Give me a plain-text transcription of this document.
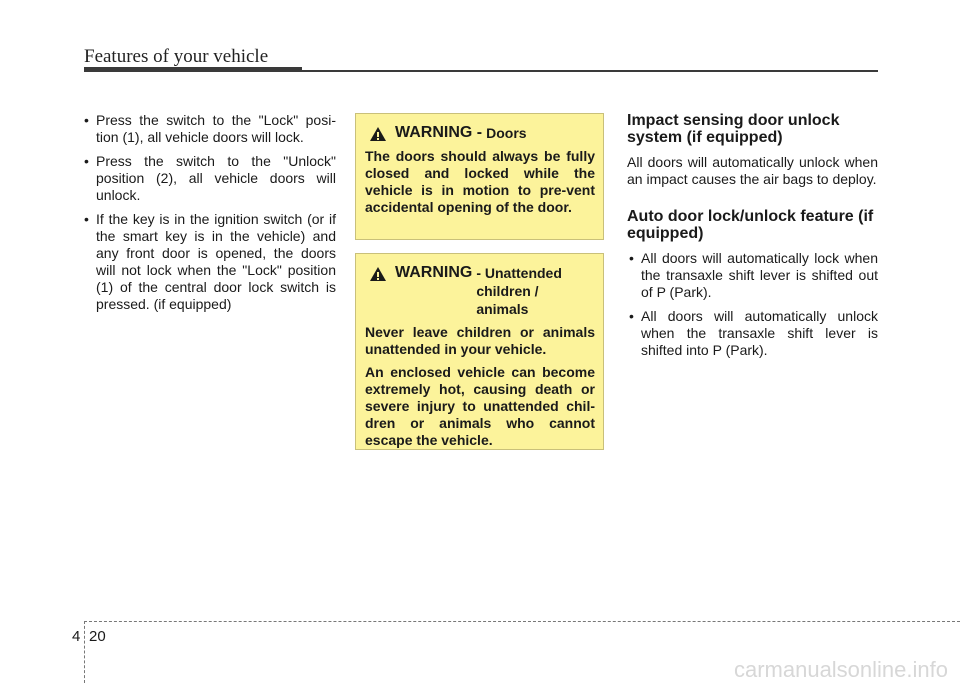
Features of your vehicle
• Press the switch to the "Lock" posi-tion (1), all vehicle doors will lock.
• Press the switch to the "Unlock" position (2), all vehicle doors will unlock.
• If the key is in the ignition switch (or if the smart key is in the vehicle) and any front door is opened, the doors will not lock when the "Lock" position (1) of the central door lock switch is pressed. (if equipped)
WARNING - Doors

The doors should always be fully closed and locked while the vehicle is in motion to pre-vent accidental opening of the door.

WARNING - Unattended
children /
animals

Never leave children or animals unattended in your vehicle.

An enclosed vehicle can become extremely hot, causing death or severe injury to unattended chil-dren or animals who cannot escape the vehicle.

Impact sensing door unlock system (if equipped)

All doors will automatically unlock when an impact causes the air bags to deploy.

Auto door lock/unlock feature (if equipped)
• All doors will automatically lock when the transaxle shift lever is shifted out of P (Park).
• All doors will automatically unlock when the transaxle shift lever is shifted into P (Park).
4 20
carmanualsonline.info
